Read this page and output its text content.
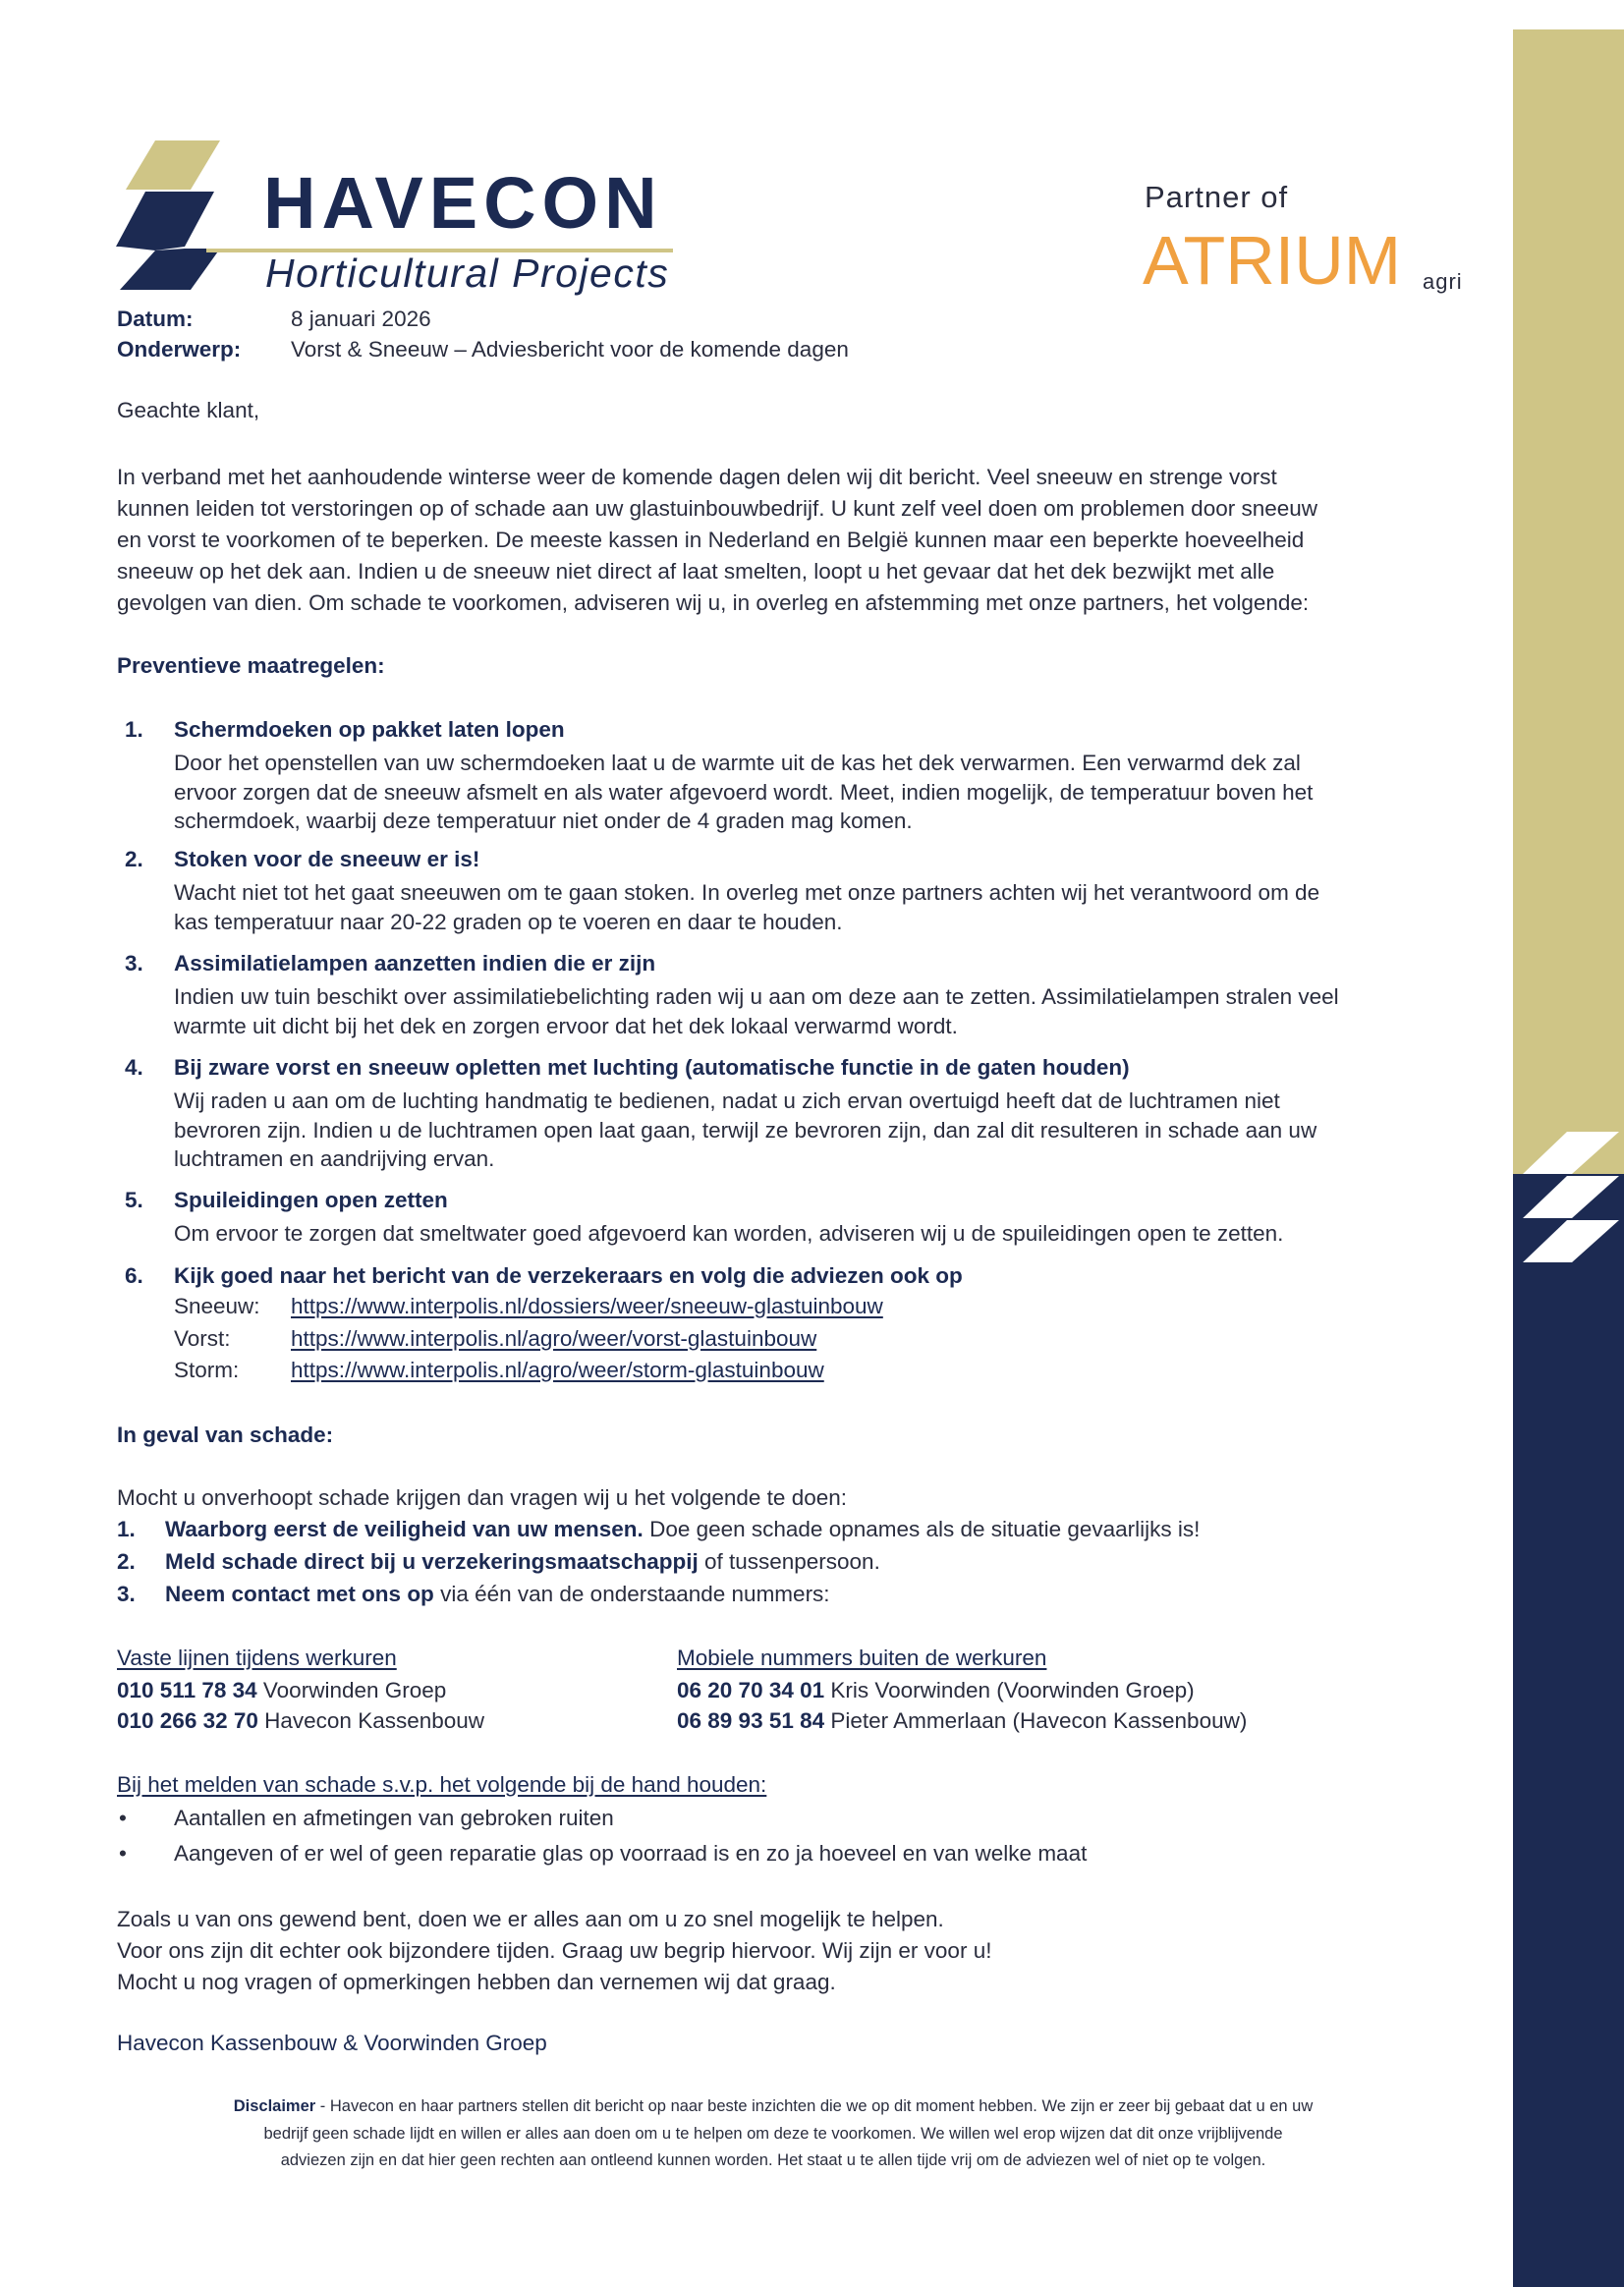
HAVECON
Horticultural Projects
Partner of
ATRIUM agri
Datum:	8 januari 2026
Onderwerp: Vorst & Sneeuw – Adviesbericht voor de komende dagen
Geachte klant,
In verband met het aanhoudende winterse weer de komende dagen delen wij dit bericht. Veel sneeuw en strenge vorst
kunnen leiden tot verstoringen op of schade aan uw glastuinbouwbedrijf. U kunt zelf veel doen om problemen door sneeuw
en vorst te voorkomen of te beperken. De meeste kassen in Nederland en België kunnen maar een beperkte hoeveelheid
sneeuw op het dek aan. Indien u de sneeuw niet direct af laat smelten, loopt u het gevaar dat het dek bezwijkt met alle
gevolgen van dien. Om schade te voorkomen, adviseren wij u, in overleg en afstemming met onze partners, het volgende:
Preventieve maatregelen:
1. Schermdoeken op pakket laten lopen
Door het openstellen van uw schermdoeken laat u de warmte uit de kas het dek verwarmen. Een verwarmd dek zal
ervoor zorgen dat de sneeuw afsmelt en als water afgevoerd wordt. Meet, indien mogelijk, de temperatuur boven het
schermdoek, waarbij deze temperatuur niet onder de 4 graden mag komen.
2. Stoken voor de sneeuw er is!
Wacht niet tot het gaat sneeuwen om te gaan stoken. In overleg met onze partners achten wij het verantwoord om de
kas temperatuur naar 20-22 graden op te voeren en daar te houden.
3. Assimilatielampen aanzetten indien die er zijn
Indien uw tuin beschikt over assimilatiebelichting raden wij u aan om deze aan te zetten. Assimilatielampen stralen veel
warmte uit dicht bij het dek en zorgen ervoor dat het dek lokaal verwarmd wordt.
4. Bij zware vorst en sneeuw opletten met luchting (automatische functie in de gaten houden)
Wij raden u aan om de luchting handmatig te bedienen, nadat u zich ervan overtuigd heeft dat de luchtramen niet
bevroren zijn. Indien u de luchtramen open laat gaan, terwijl ze bevroren zijn, dan zal dit resulteren in schade aan uw
luchtramen en aandrijving ervan.
5. Spuileidingen open zetten
Om ervoor te zorgen dat smeltwater goed afgevoerd kan worden, adviseren wij u de spuileidingen open te zetten.
6. Kijk goed naar het bericht van de verzekeraars en volg die adviezen ook op
Sneeuw: https://www.interpolis.nl/dossiers/weer/sneeuw-glastuinbouw
Vorst:	https://www.interpolis.nl/agro/weer/vorst-glastuinbouw
Storm: https://www.interpolis.nl/agro/weer/storm-glastuinbouw
In geval van schade:
Mocht u onverhoopt schade krijgen dan vragen wij u het volgende te doen:
1. Waarborg eerst de veiligheid van uw mensen. Doe geen schade opnames als de situatie gevaarlijks is!
2. Meld schade direct bij u verzekeringsmaatschappij of tussenpersoon.
3. Neem contact met ons op via één van de onderstaande nummers:
Vaste lijnen tijdens werkuren
010 511 78 34 Voorwinden Groep
010 266 32 70 Havecon Kassenbouw
Mobiele nummers buiten de werkuren
06 20 70 34 01 Kris Voorwinden (Voorwinden Groep)
06 89 93 51 84 Pieter Ammerlaan (Havecon Kassenbouw)
Bij het melden van schade s.v.p. het volgende bij de hand houden:
• Aantallen en afmetingen van gebroken ruiten
• Aangeven of er wel of geen reparatie glas op voorraad is en zo ja hoeveel en van welke maat
Zoals u van ons gewend bent, doen we er alles aan om u zo snel mogelijk te helpen.
Voor ons zijn dit echter ook bijzondere tijden. Graag uw begrip hiervoor. Wij zijn er voor u!
Mocht u nog vragen of opmerkingen hebben dan vernemen wij dat graag.
Havecon Kassenbouw & Voorwinden Groep
Disclaimer - Havecon en haar partners stellen dit bericht op naar beste inzichten die we op dit moment hebben. We zijn er zeer bij gebaat dat u en uw
bedrijf geen schade lijdt en willen er alles aan doen om u te helpen om deze te voorkomen. We willen wel erop wijzen dat dit onze vrijblijvende
adviezen zijn en dat hier geen rechten aan ontleend kunnen worden. Het staat u te allen tijde vrij om de adviezen wel of niet op te volgen.
